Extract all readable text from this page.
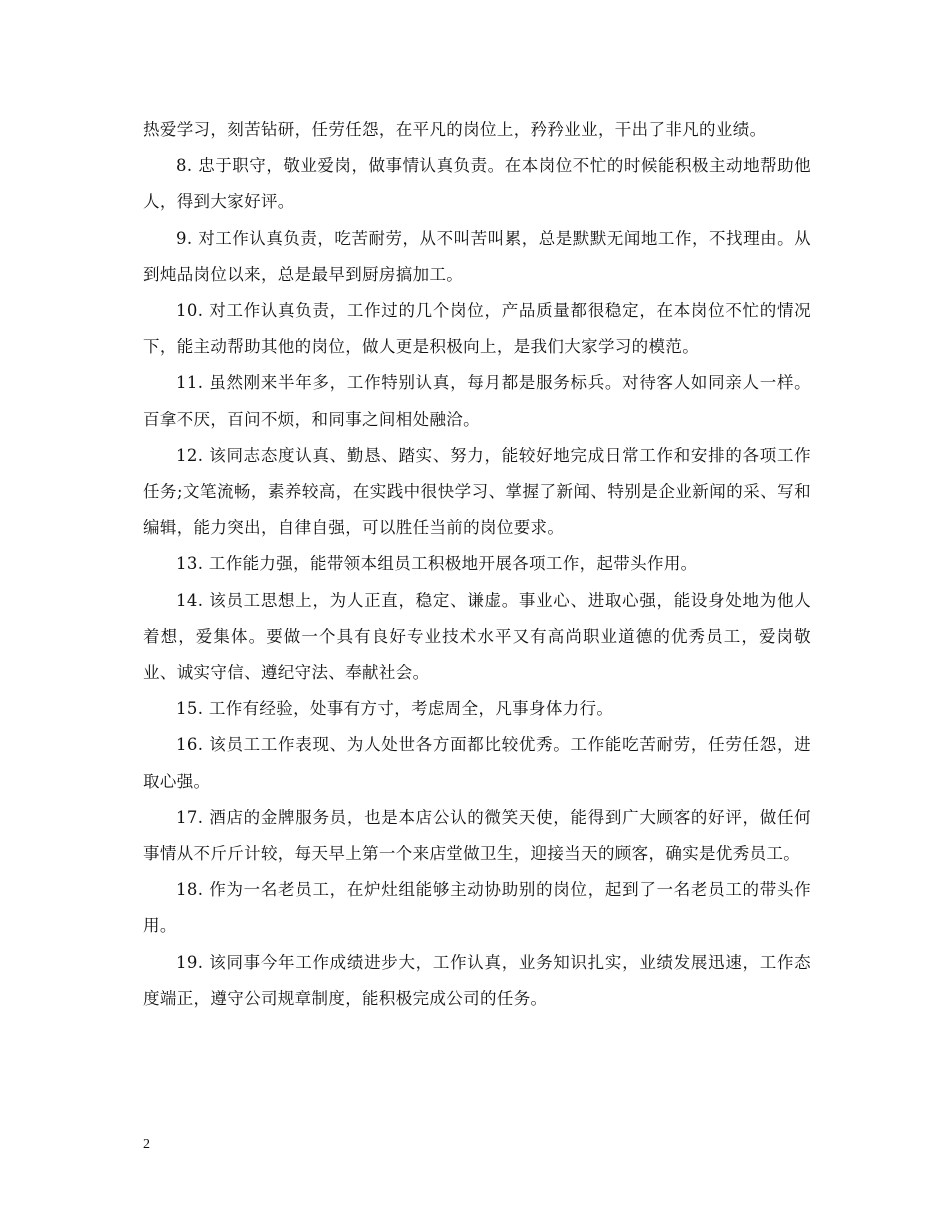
热爱学习，刻苦钻研，任劳任怨，在平凡的岗位上，矜矜业业，干出了非凡的业绩。

8. 忠于职守，敬业爱岗，做事情认真负责。在本岗位不忙的时候能积极主动地帮助他人，得到大家好评。

9. 对工作认真负责，吃苦耐劳，从不叫苦叫累，总是默默无闻地工作，不找理由。从到炖品岗位以来，总是最早到厨房搞加工。

10. 对工作认真负责，工作过的几个岗位，产品质量都很稳定，在本岗位不忙的情况下，能主动帮助其他的岗位，做人更是积极向上，是我们大家学习的模范。

11. 虽然刚来半年多，工作特别认真，每月都是服务标兵。对待客人如同亲人一样。百拿不厌，百问不烦，和同事之间相处融洽。

12. 该同志态度认真、勤恳、踏实、努力，能较好地完成日常工作和安排的各项工作任务;文笔流畅，素养较高，在实践中很快学习、掌握了新闻、特别是企业新闻的采、写和编辑，能力突出，自律自强，可以胜任当前的岗位要求。

13. 工作能力强，能带领本组员工积极地开展各项工作，起带头作用。

14. 该员工思想上，为人正直，稳定、谦虚。事业心、进取心强，能设身处地为他人着想，爱集体。要做一个具有良好专业技术水平又有高尚职业道德的优秀员工，爱岗敬业、诚实守信、遵纪守法、奉献社会。

15. 工作有经验，处事有方寸，考虑周全，凡事身体力行。

16. 该员工工作表现、为人处世各方面都比较优秀。工作能吃苦耐劳，任劳任怨，进取心强。

17. 酒店的金牌服务员，也是本店公认的微笑天使，能得到广大顾客的好评，做任何事情从不斤斤计较，每天早上第一个来店堂做卫生，迎接当天的顾客，确实是优秀员工。

18. 作为一名老员工，在炉灶组能够主动协助别的岗位，起到了一名老员工的带头作用。

19. 该同事今年工作成绩进步大，工作认真，业务知识扎实，业绩发展迅速，工作态度端正，遵守公司规章制度，能积极完成公司的任务。

2
